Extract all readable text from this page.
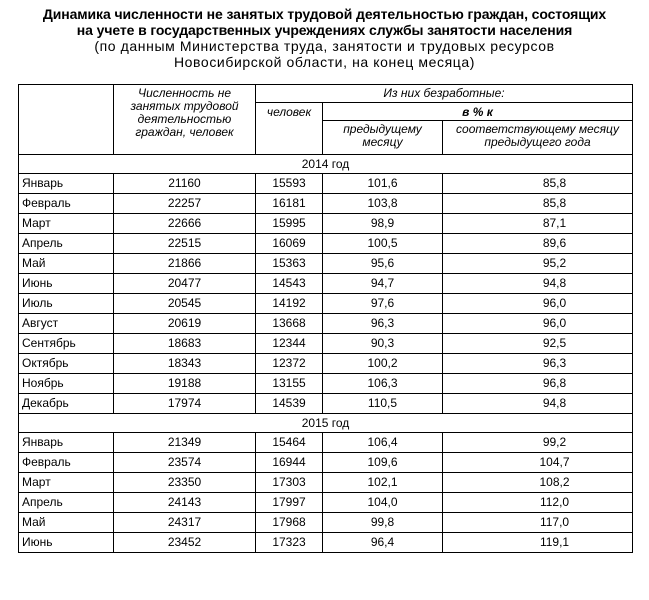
Динамика численности не занятых трудовой деятельностью граждан, состоящих
на учете в государственных учреждениях службы занятости населения
(по данным Министерства труда, занятости и трудовых ресурсов
Новосибирской области, на конец месяца)
	Численность не занятых трудовой деятельностью граждан, человек	Из них безработные:		
		человек	в % к	
			предыдущему месяцу	соответствующему месяцу предыдущего года
2014 год				
Январь	21160	15593	101,6	85,8
Февраль	22257	16181	103,8	85,8
Март	22666	15995	98,9	87,1
Апрель	22515	16069	100,5	89,6
Май	21866	15363	95,6	95,2
Июнь	20477	14543	94,7	94,8
Июль	20545	14192	97,6	96,0
Август	20619	13668	96,3	96,0
Сентябрь	18683	12344	90,3	92,5
Октябрь	18343	12372	100,2	96,3
Ноябрь	19188	13155	106,3	96,8
Декабрь	17974	14539	110,5	94,8
2015 год				
Январь	21349	15464	106,4	99,2
Февраль	23574	16944	109,6	104,7
Март	23350	17303	102,1	108,2
Апрель	24143	17997	104,0	112,0
Май	24317	17968	99,8	117,0
Июнь	23452	17323	96,4	119,1
